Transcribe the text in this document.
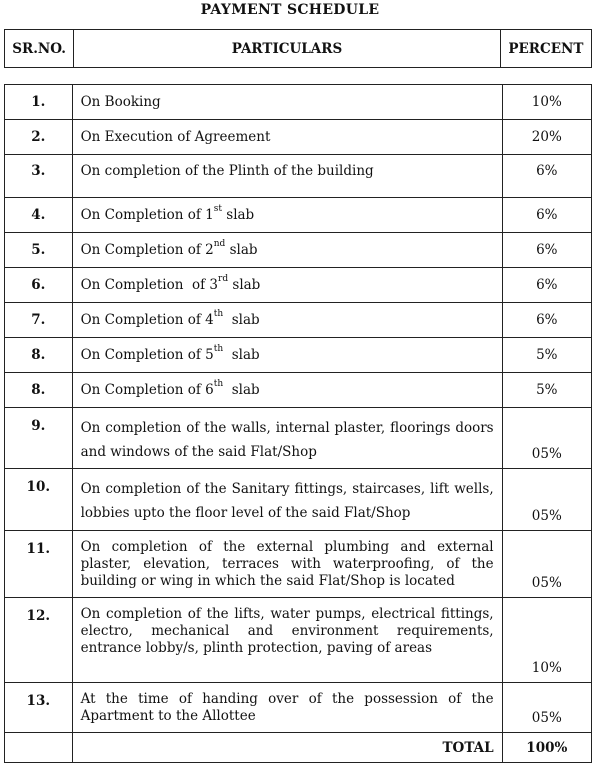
PAYMENT SCHEDULE
SR.NO.	PARTICULARS	PERCENT
1.	On Booking	10%
2.	On Execution of Agreement	20%
3.	On completion of the Plinth of the building	6%
4.	On Completion of 1st slab	6%
5.	On Completion of 2nd slab	6%
6.	On Completion  of 3rd slab	6%
7.	On Completion of 4th  slab	6%
8.	On Completion of 5th  slab	5%
8.	On Completion of 6th  slab	5%
9.	On completion of the walls, internal plaster, floorings doors and windows of the said Flat/Shop	05%
10.	On completion of the Sanitary fittings, staircases, lift wells, lobbies upto the floor level of the said Flat/Shop	05%
11.	On completion of the external plumbing and external plaster, elevation, terraces with waterproofing, of the building or wing in which the said Flat/Shop is located	05%
12.	On completion of the lifts, water pumps, electrical fittings, electro, mechanical and environment requirements, entrance lobby/s, plinth protection, paving of areas	10%
13.	At the time of handing over of the possession of the Apartment to the Allottee	05%
	TOTAL	100%
